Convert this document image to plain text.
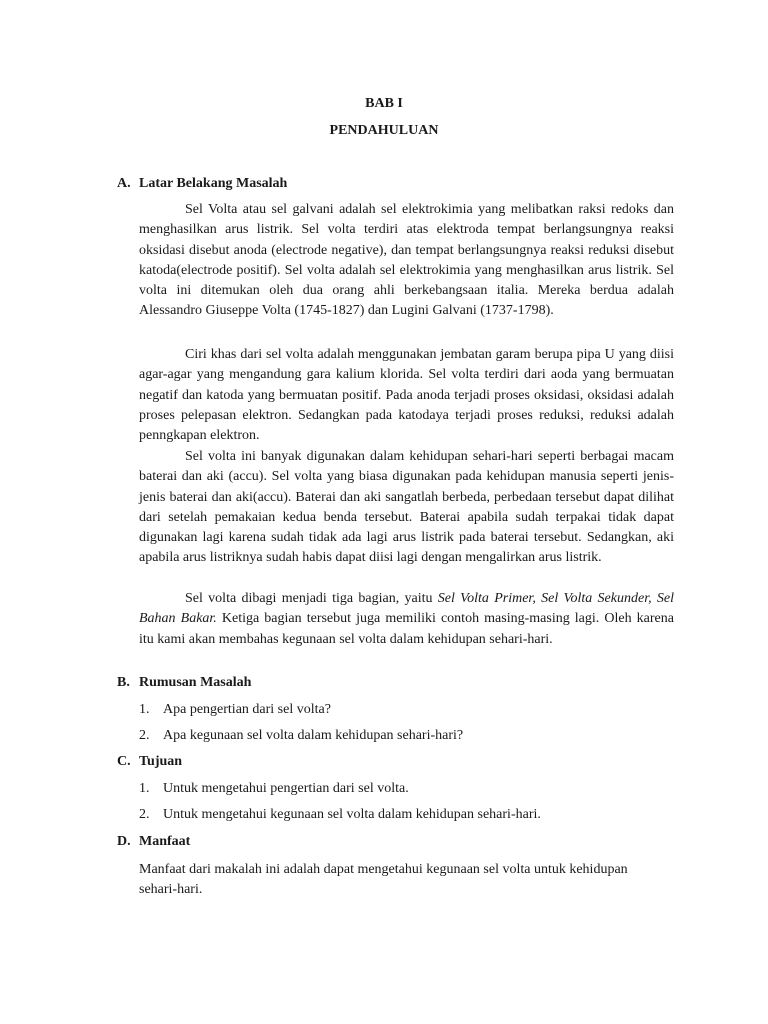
BAB I
PENDAHULUAN
A. Latar Belakang Masalah

Sel Volta atau sel galvani adalah sel elektrokimia yang melibatkan raksi redoks dan menghasilkan arus listrik. Sel volta terdiri atas elektroda tempat berlangsungnya reaksi oksidasi disebut anoda (electrode negative), dan tempat berlangsungnya reaksi reduksi disebut katoda(electrode positif). Sel volta adalah sel elektrokimia yang menghasilkan arus listrik. Sel volta ini ditemukan oleh dua orang ahli berkebangsaan italia. Mereka berdua adalah Alessandro Giuseppe Volta (1745-1827) dan Lugini Galvani (1737-1798).

Ciri khas dari sel volta adalah menggunakan jembatan garam berupa pipa U yang diisi agar-agar yang mengandung gara kalium klorida. Sel volta terdiri dari aoda yang bermuatan negatif dan katoda yang bermuatan positif. Pada anoda terjadi proses oksidasi, oksidasi adalah proses pelepasan elektron. Sedangkan pada katodaya terjadi proses reduksi, reduksi adalah penngkapan elektron.

Sel volta ini banyak digunakan dalam kehidupan sehari-hari seperti berbagai macam baterai dan aki (accu). Sel volta yang biasa digunakan pada kehidupan manusia seperti jenis-jenis baterai dan aki(accu). Baterai dan aki sangatlah berbeda, perbedaan tersebut dapat dilihat dari setelah pemakaian kedua benda tersebut. Baterai apabila sudah terpakai tidak dapat digunakan lagi karena sudah tidak ada lagi arus listrik pada baterai tersebut. Sedangkan, aki apabila arus listriknya sudah habis dapat diisi lagi dengan mengalirkan arus listrik.

Sel volta dibagi menjadi tiga bagian, yaitu Sel Volta Primer, Sel Volta Sekunder, Sel Bahan Bakar. Ketiga bagian tersebut juga memiliki contoh masing-masing lagi. Oleh karena itu kami akan membahas kegunaan sel volta dalam kehidupan sehari-hari.

B. Rumusan Masalah
1. Apa pengertian dari sel volta?
2. Apa kegunaan sel volta dalam kehidupan sehari-hari?
C. Tujuan
1. Untuk mengetahui pengertian dari sel volta.
2. Untuk mengetahui kegunaan sel volta dalam kehidupan sehari-hari.
D. Manfaat

Manfaat dari makalah ini adalah dapat mengetahui kegunaan sel volta untuk kehidupan sehari-hari.
